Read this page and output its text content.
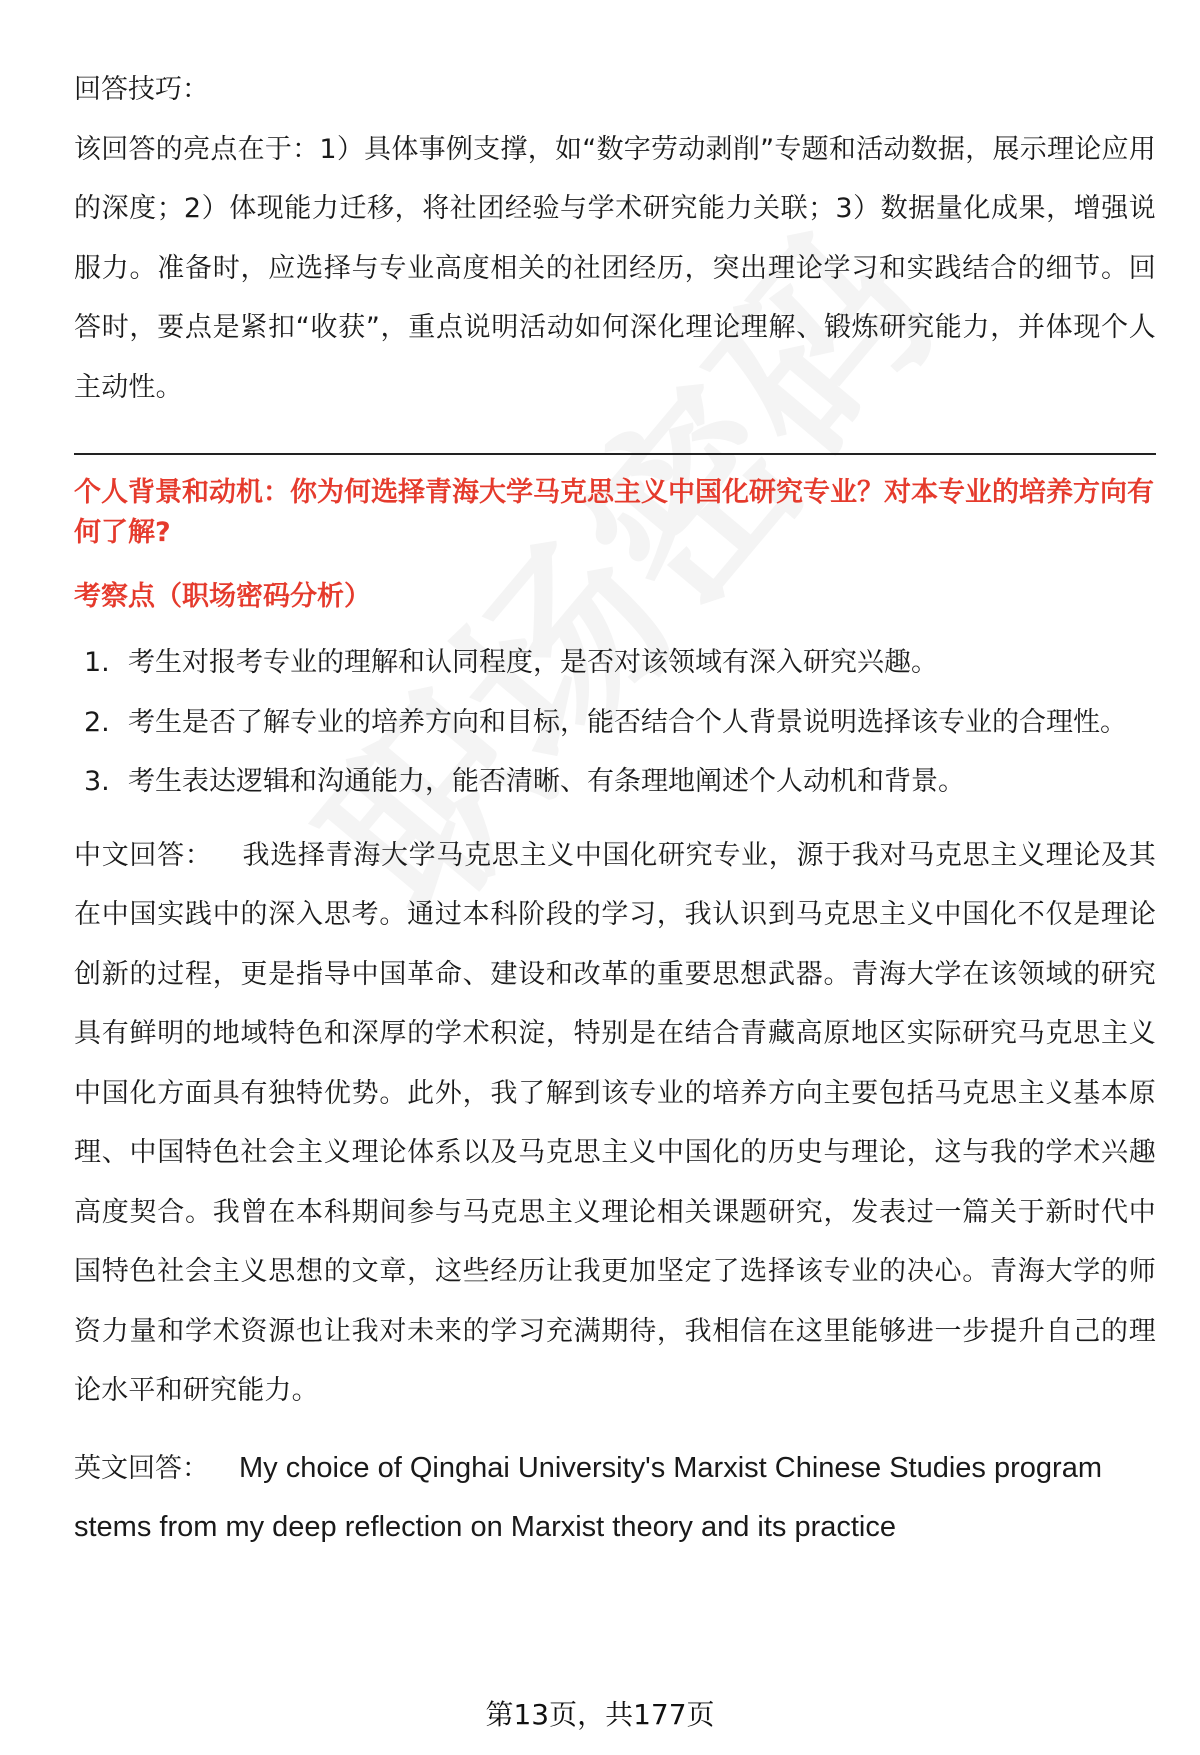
回答技巧：

该回答的亮点在于：1）具体事例支撑，如“数字劳动剥削”专题和活动数据，展示理论应用的深度；2）体现能力迁移，将社团经验与学术研究能力关联；3）数据量化成果，增强说服力。准备时，应选择与专业高度相关的社团经历，突出理论学习和实践结合的细节。回答时，要点是紧扣“收获”，重点说明活动如何深化理论理解、锻炼研究能力，并体现个人主动性。

个人背景和动机：你为何选择青海大学马克思主义中国化研究专业？对本专业的培养方向有何了解?

考察点（职场密码分析）

1. 考生对报考专业的理解和认同程度，是否对该领域有深入研究兴趣。
2. 考生是否了解专业的培养方向和目标，能否结合个人背景说明选择该专业的合理性。
3. 考生表达逻辑和沟通能力，能否清晰、有条理地阐述个人动机和背景。

中文回答： 我选择青海大学马克思主义中国化研究专业，源于我对马克思主义理论及其在中国实践中的深入思考。通过本科阶段的学习，我认识到马克思主义中国化不仅是理论创新的过程，更是指导中国革命、建设和改革的重要思想武器。青海大学在该领域的研究具有鲜明的地域特色和深厚的学术积淀，特别是在结合青藏高原地区实际研究马克思主义中国化方面具有独特优势。此外，我了解到该专业的培养方向主要包括马克思主义基本原理、中国特色社会主义理论体系以及马克思主义中国化的历史与理论，这与我的学术兴趣高度契合。我曾在本科期间参与马克思主义理论相关课题研究，发表过一篇关于新时代中国特色社会主义思想的文章，这些经历让我更加坚定了选择该专业的决心。青海大学的师资力量和学术资源也让我对未来的学习充满期待，我相信在这里能够进一步提升自己的理论水平和研究能力。

英文回答： My choice of Qinghai University's Marxist Chinese Studies program stems from my deep reflection on Marxist theory and its practice

第13页，共177页
